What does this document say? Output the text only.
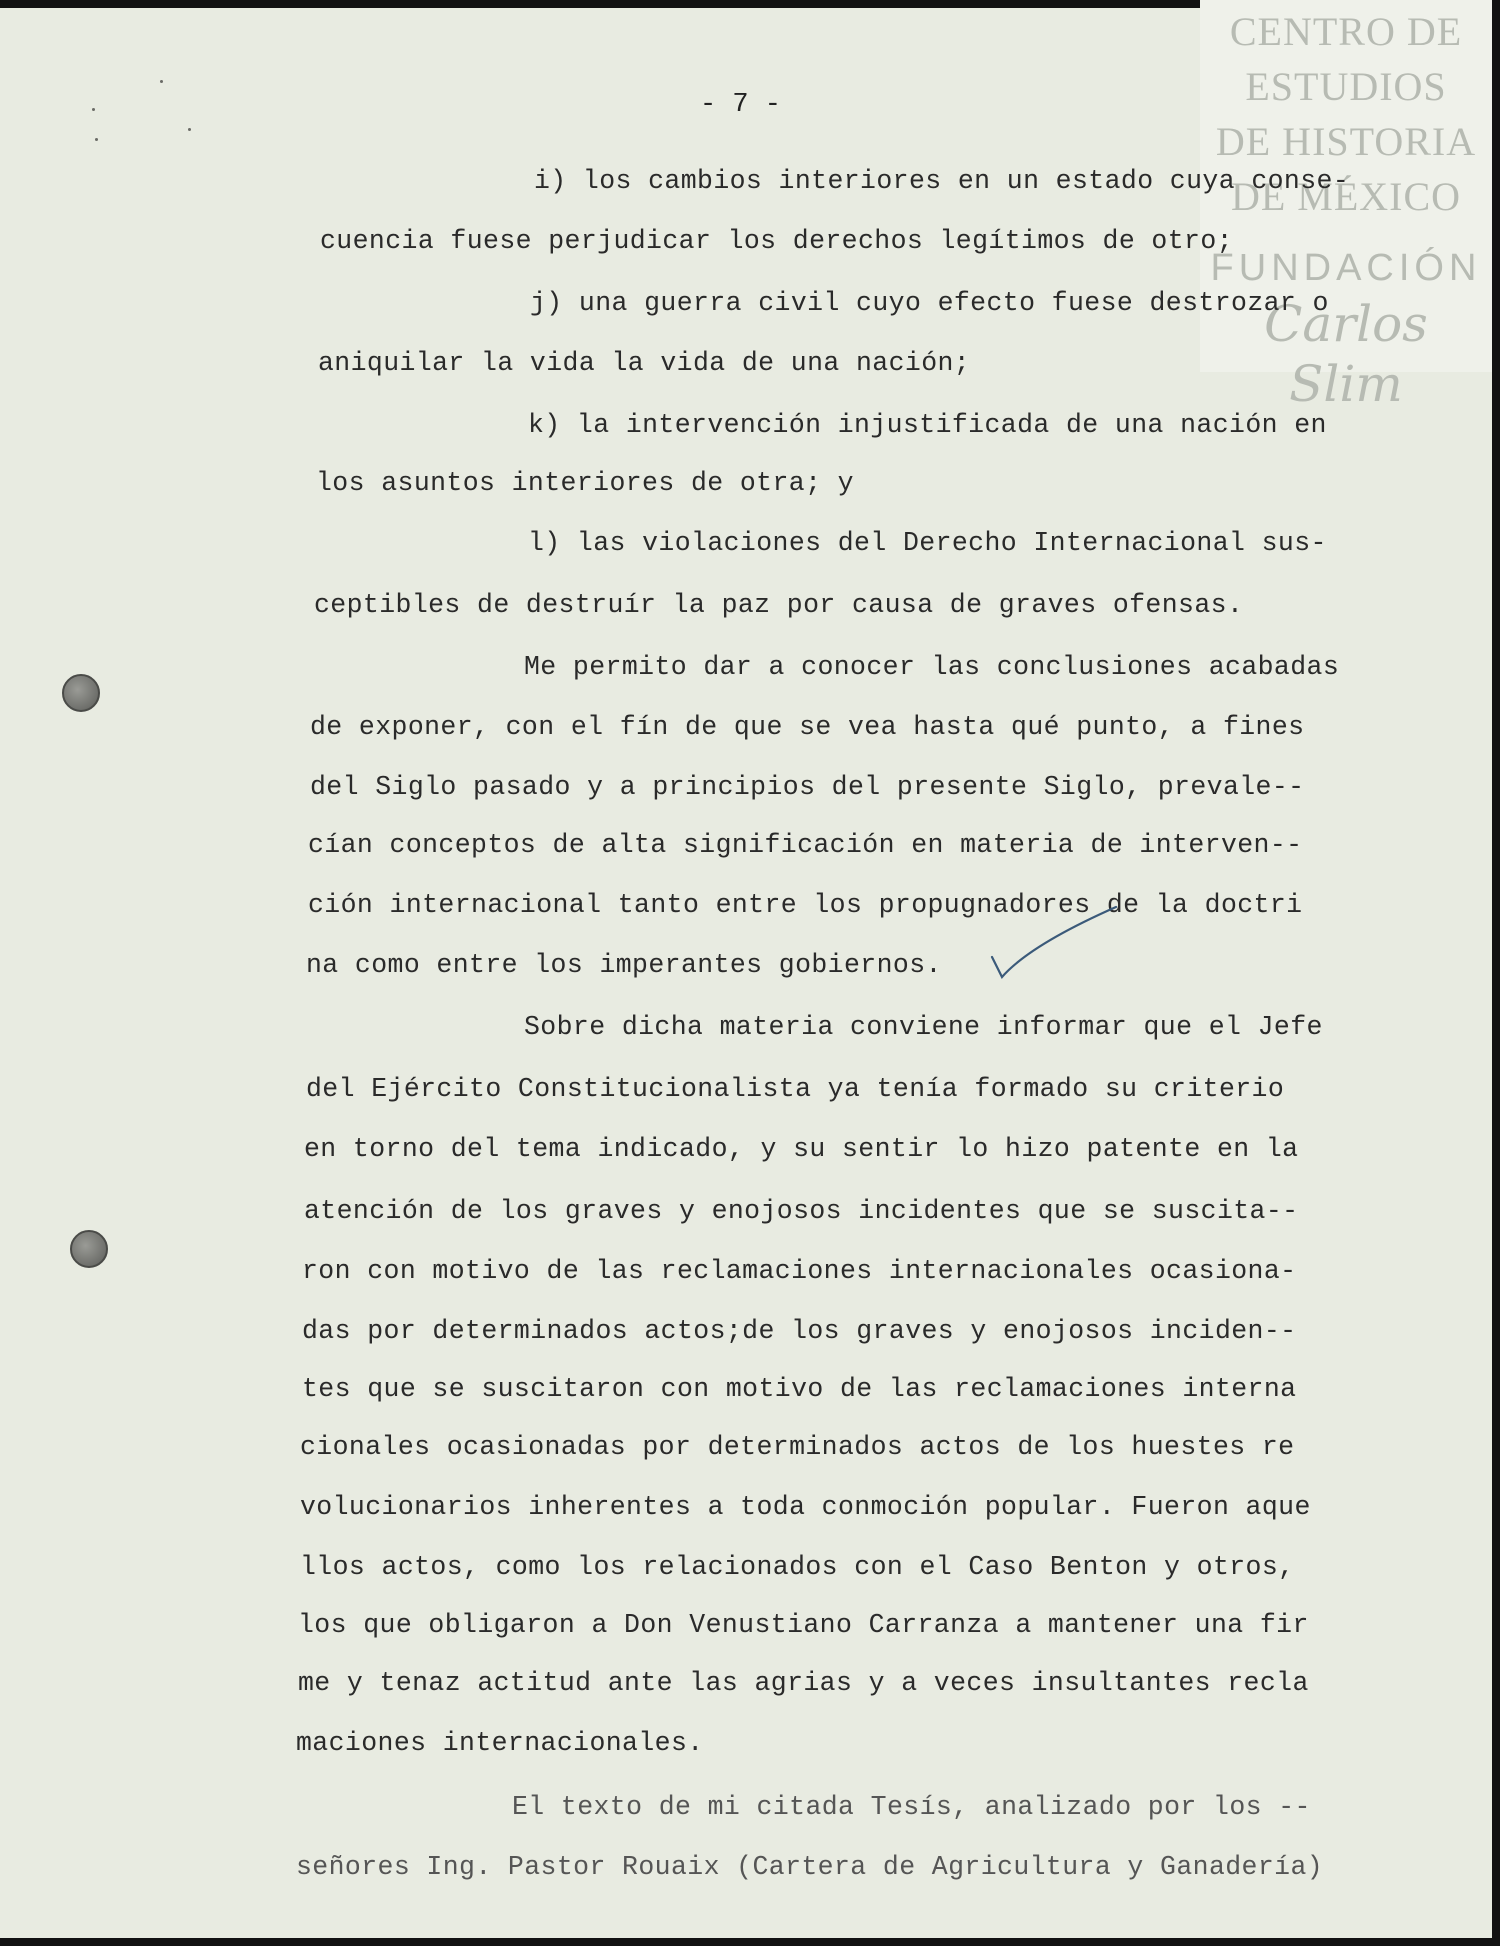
CENTRO DE
ESTUDIOS
DE HISTORIA
DE MÉXICO
FUNDACIÓN
Carlos Slim
- 7 -
i) los cambios interiores en un estado cuya conse-
cuencia fuese perjudicar los derechos legítimos de otro;
j) una guerra civil cuyo efecto fuese destrozar o
aniquilar la vida la vida de una nación;
k) la intervención injustificada de una nación en
los asuntos interiores de otra; y
l) las violaciones del Derecho Internacional sus-
ceptibles de destruír la paz por causa de graves ofensas.
Me permito dar a conocer las conclusiones acabadas
de exponer, con el fín de que se vea hasta qué punto, a fines
del Siglo pasado y a principios del presente Siglo, prevale--
cían conceptos de alta significación en materia de interven--
ción internacional tanto entre los propugnadores de la doctri
na como entre los imperantes gobiernos.
Sobre dicha materia conviene informar que el Jefe
del Ejército Constitucionalista ya tenía formado su criterio
en torno del tema indicado, y su sentir lo hizo patente en la
atención de los graves y enojosos incidentes que se suscita--
ron con motivo de las reclamaciones internacionales ocasiona-
das por determinados actos;de los graves y enojosos inciden--
tes que se suscitaron con motivo de las reclamaciones interna
cionales ocasionadas por determinados actos de los huestes re
volucionarios inherentes a toda conmoción popular. Fueron aque
llos actos, como los relacionados con el Caso Benton y otros,
los que obligaron a Don Venustiano Carranza a mantener una fir
me y tenaz actitud ante las agrias y a veces insultantes recla
maciones internacionales.
El texto de mi citada Tesís, analizado por los --
señores Ing. Pastor Rouaix (Cartera de Agricultura y Ganadería)
